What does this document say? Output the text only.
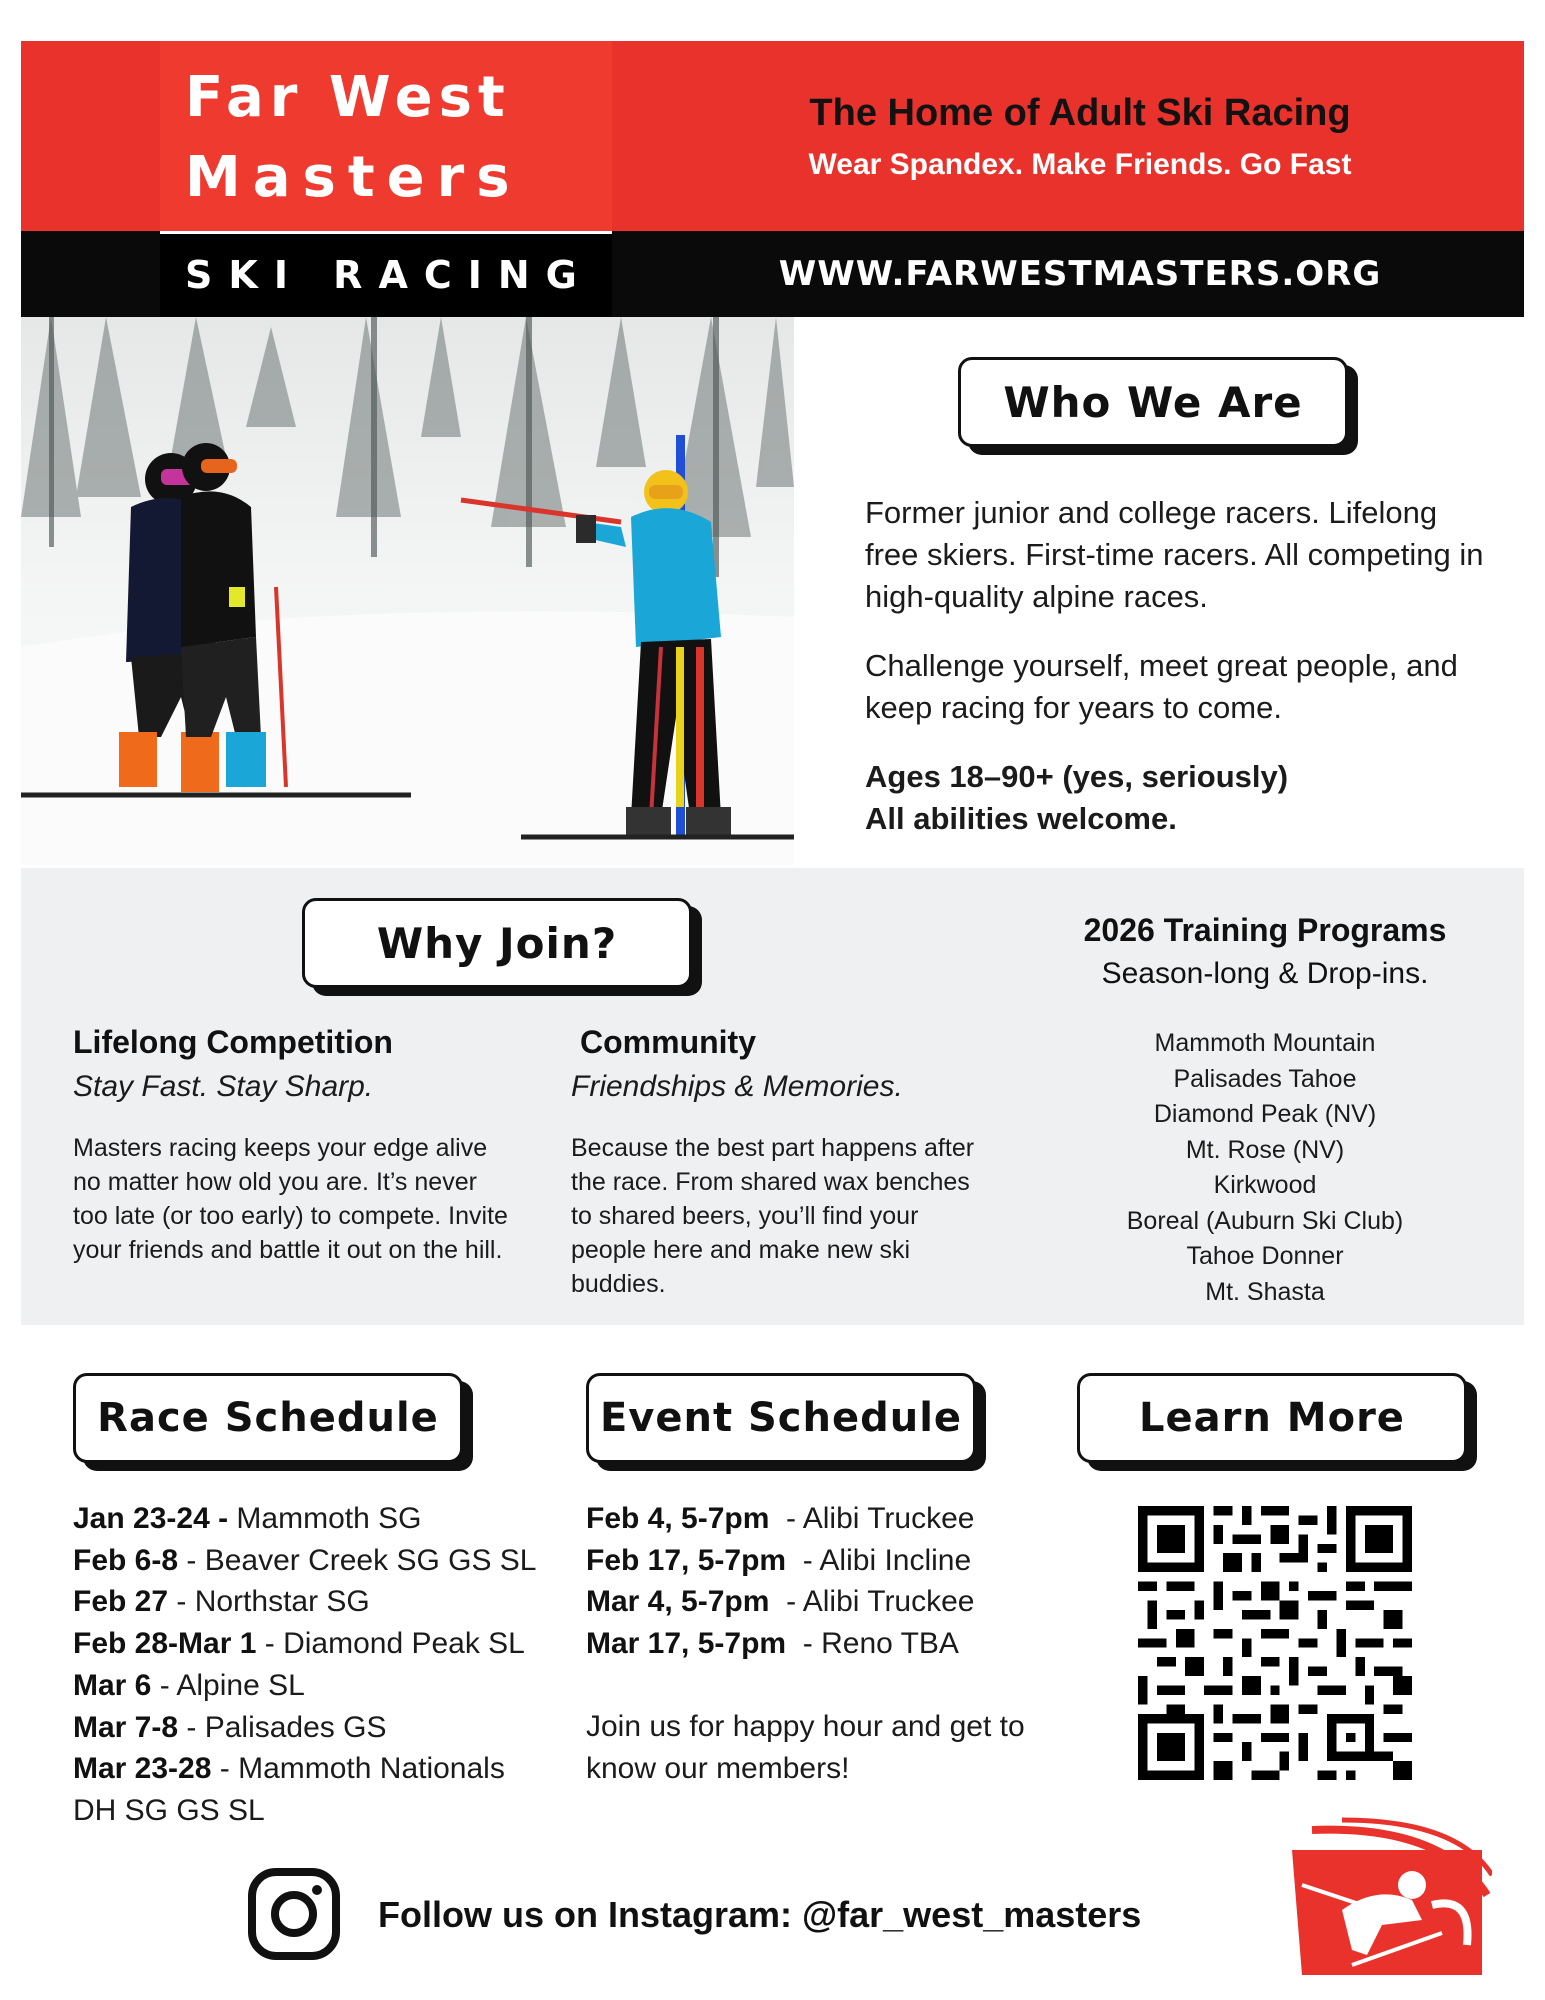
Far West
Masters
SKI RACING
The Home of Adult Ski Racing
Wear Spandex. Make Friends. Go Fast
WWW.FARWESTMASTERS.ORG
Who We Are

Former junior and college racers. Lifelong free skiers. First-time racers. All competing in high-quality alpine races.

Challenge yourself, meet great people, and keep racing for years to come.

Ages 18–90+ (yes, seriously)
All abilities welcome.
Why Join?
Lifelong Competition
Stay Fast. Stay Sharp.
Masters racing keeps your edge alive no matter how old you are. It’s never too late (or too early) to compete. Invite your friends and battle it out on the hill.
Community
Friendships & Memories.
Because the best part happens after the race. From shared wax benches to shared beers, you’ll find your people here and make new ski buddies.
2026 Training Programs
Season-long & Drop-ins.
Mammoth Mountain
Palisades Tahoe
Diamond Peak (NV)
Mt. Rose (NV)
Kirkwood
Boreal (Auburn Ski Club)
Tahoe Donner
Mt. Shasta
Race Schedule	Event Schedule	Learn More
Jan 23-24 - Mammoth SG
Feb 6-8 - Beaver Creek SG GS SL
Feb 27 - Northstar SG
Feb 28-Mar 1 - Diamond Peak SL
Mar 6 - Alpine SL
Mar 7-8 - Palisades GS
Mar 23-28 - Mammoth Nationals
DH SG GS SL
Feb 4, 5-7pm  - Alibi Truckee
Feb 17, 5-7pm  - Alibi Incline
Mar 4, 5-7pm  - Alibi Truckee
Mar 17, 5-7pm  - Reno TBA

Join us for happy hour and get to know our members!

Follow us on Instagram: @far_west_masters
